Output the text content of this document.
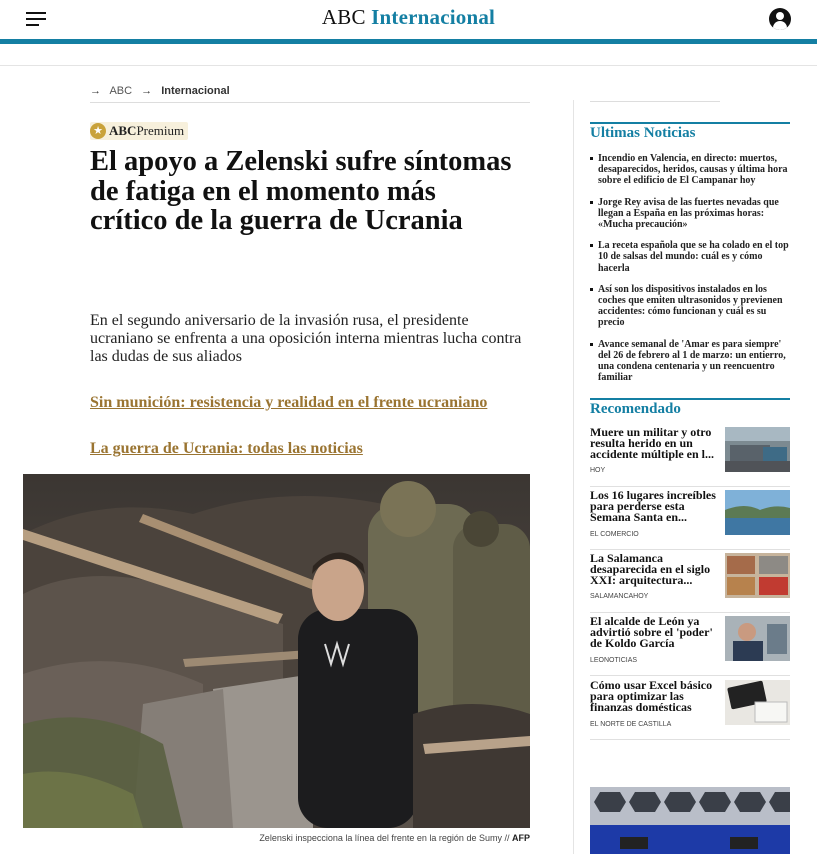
ABC Internacional
→ ABC → Internacional
★ ABCPremium
El apoyo a Zelenski sufre síntomas de fatiga en el momento más crítico de la guerra de Ucrania

En el segundo aniversario de la invasión rusa, el presidente ucraniano se enfrenta a una oposición interna mientras lucha contra las dudas de sus aliados

Sin munición: resistencia y realidad en el frente ucraniano
La guerra de Ucrania: todas las noticias
Zelenski inspecciona la línea del frente en la región de Sumy // AFP
Ultimas Noticias
Incendio en Valencia, en directo: muertos, desaparecidos, heridos, causas y última hora sobre el edificio de El Campanar hoy
Jorge Rey avisa de las fuertes nevadas que llegan a España en las próximas horas: «Mucha precaución»
La receta española que se ha colado en el top 10 de salsas del mundo: cuál es y cómo hacerla
Así son los dispositivos instalados en los coches que emiten ultrasonidos y previenen accidentes: cómo funcionan y cuál es su precio
Avance semanal de 'Amar es para siempre' del 26 de febrero al 1 de marzo: un entierro, una condena centenaria y un reencuentro familiar
Recomendado
Muere un militar y otro resulta herido en un accidente múltiple en l...
HOY
Los 16 lugares increíbles para perderse esta Semana Santa en...
EL COMERCIO
La Salamanca desaparecida en el siglo XXI: arquitectura...
SALAMANCAHOY
El alcalde de León ya advirtió sobre el 'poder' de Koldo García
LEONOTICIAS
Cómo usar Excel básico para optimizar las finanzas domésticas
EL NORTE DE CASTILLA
